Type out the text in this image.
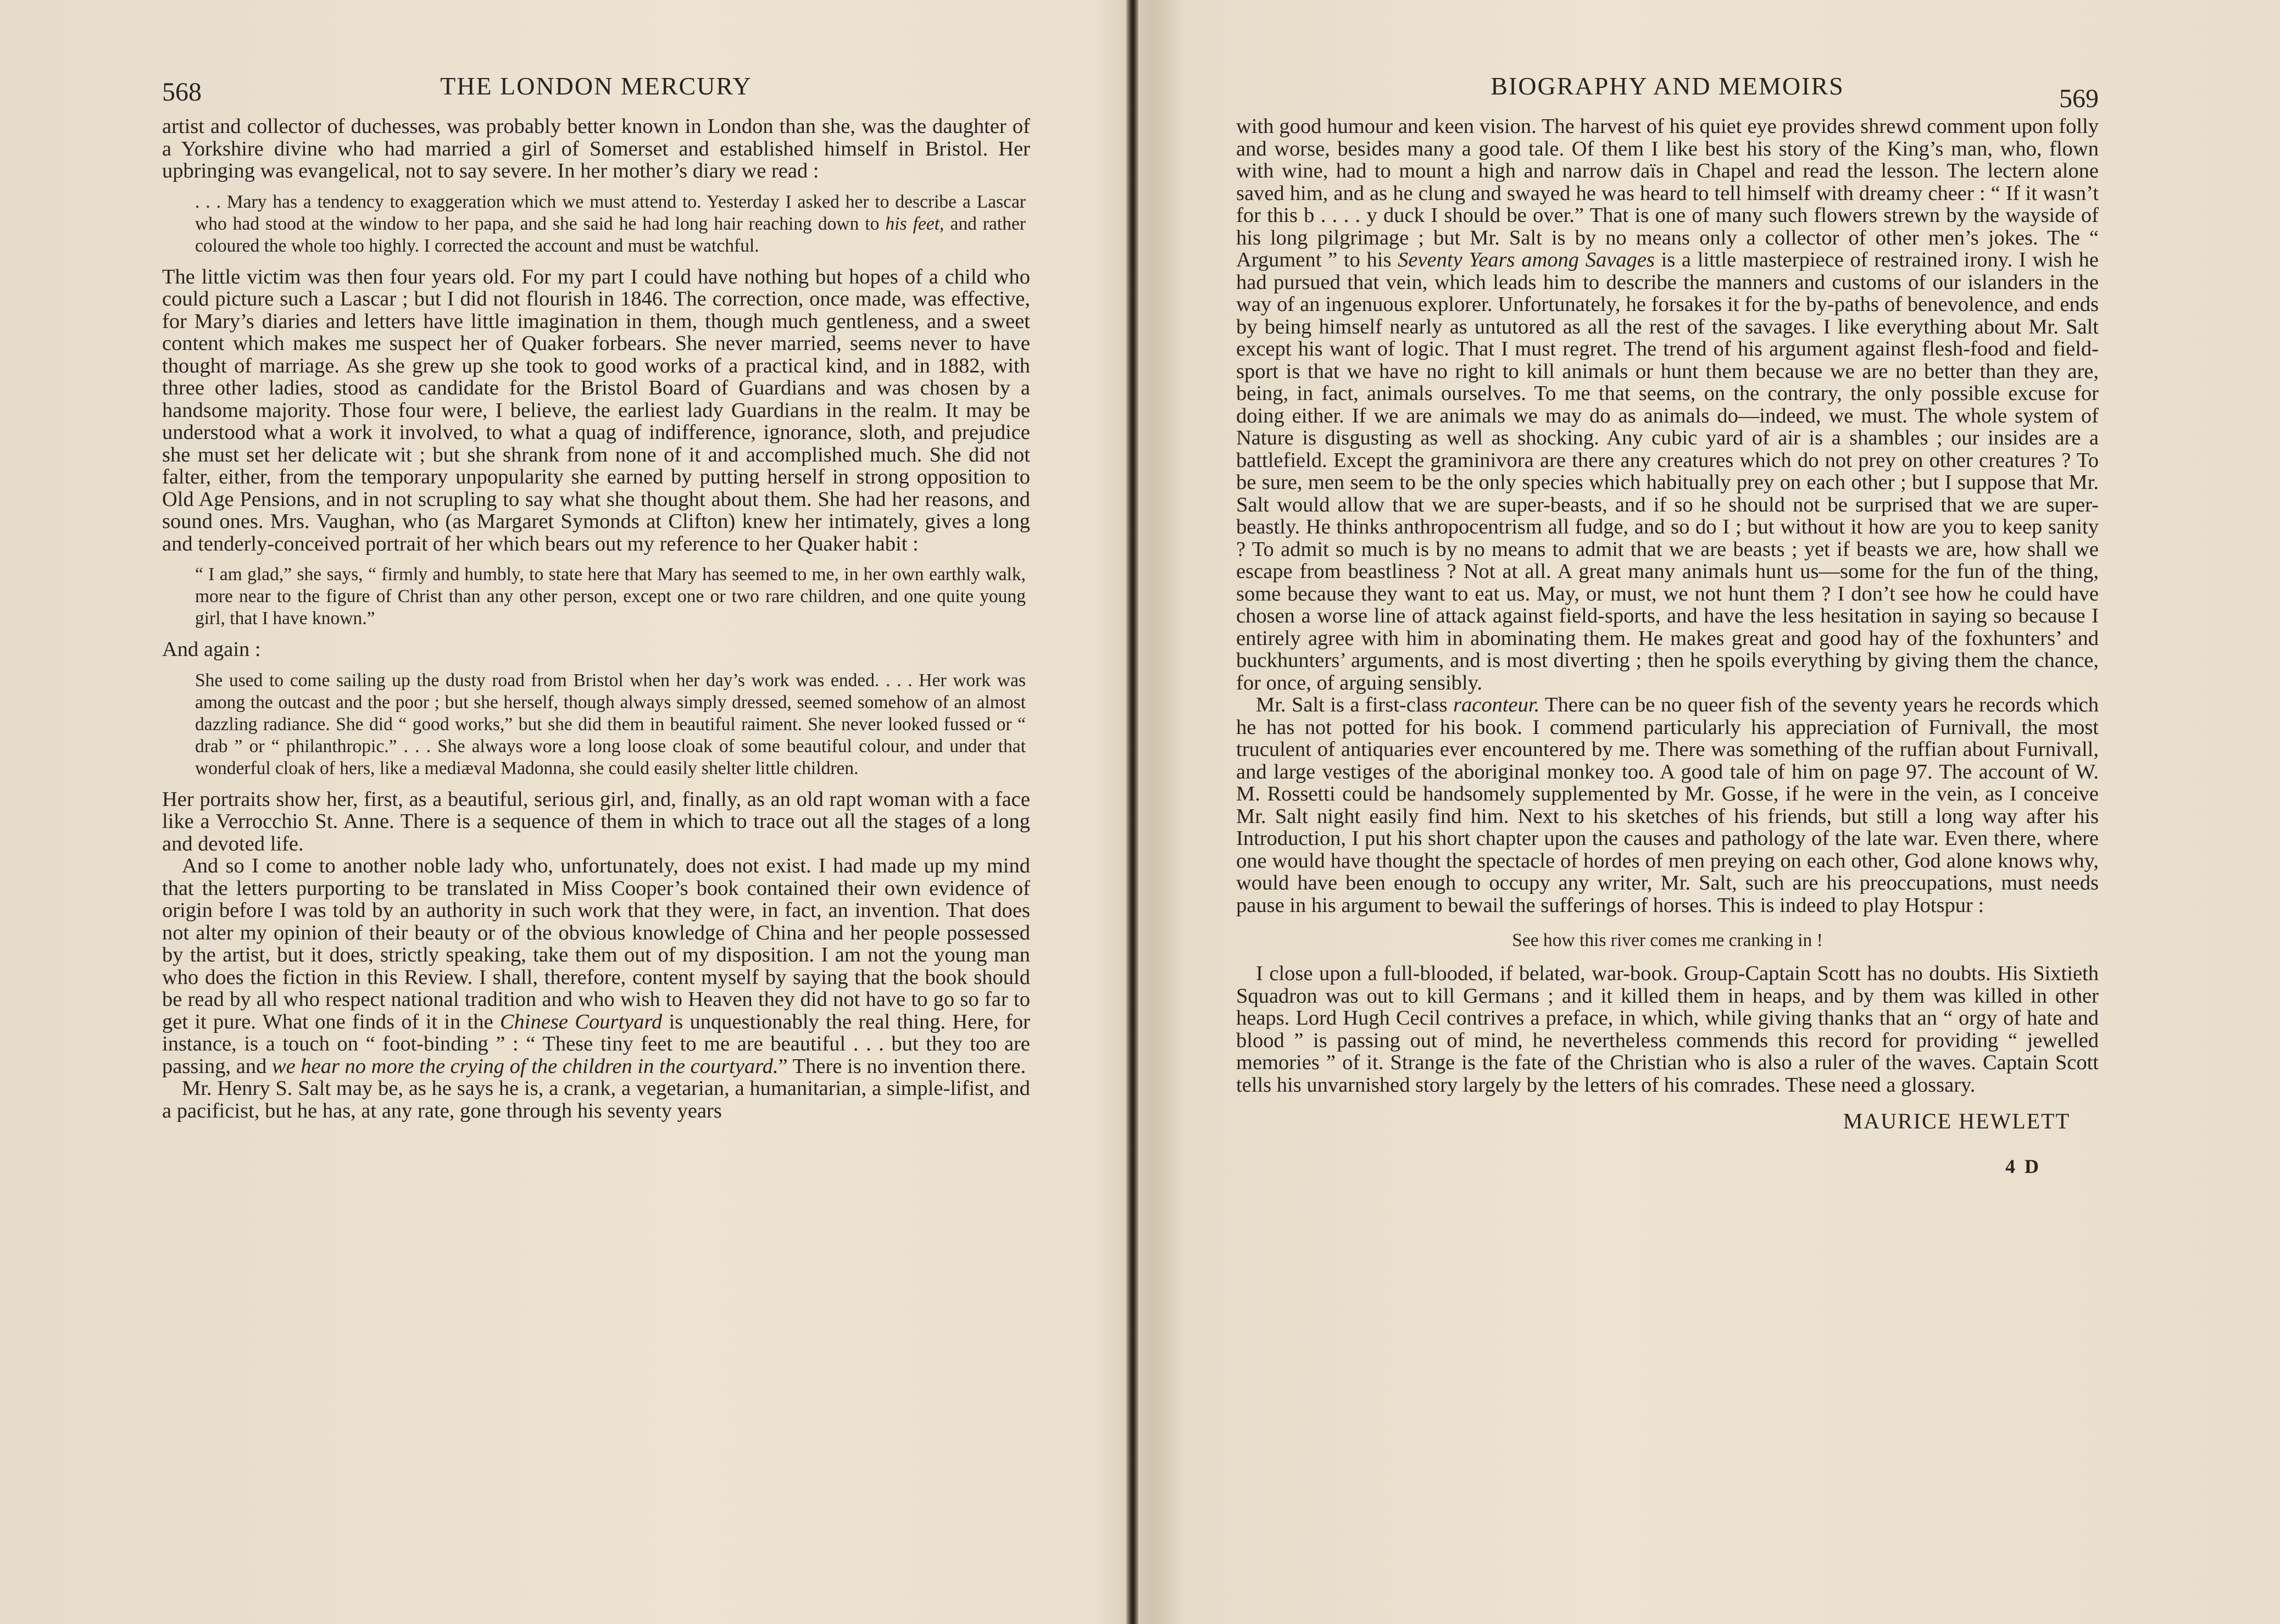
568	THE LONDON MERCURY

artist and collector of duchesses, was probably better known in London than she, was the daughter of a Yorkshire divine who had married a girl of Somerset and established himself in Bristol. Her upbringing was evangelical, not to say severe. In her mother’s diary we read :

. . . Mary has a tendency to exaggeration which we must attend to. Yesterday I asked her to describe a Lascar who had stood at the window to her papa, and she said he had long hair reaching down to his feet, and rather coloured the whole too highly. I corrected the account and must be watchful.

The little victim was then four years old. For my part I could have nothing but hopes of a child who could picture such a Lascar ; but I did not flourish in 1846. The correction, once made, was effective, for Mary’s diaries and letters have little imagination in them, though much gentleness, and a sweet content which makes me suspect her of Quaker forbears. She never married, seems never to have thought of marriage. As she grew up she took to good works of a practical kind, and in 1882, with three other ladies, stood as candidate for the Bristol Board of Guardians and was chosen by a handsome majority. Those four were, I believe, the earliest lady Guardians in the realm. It may be understood what a work it involved, to what a quag of indifference, ignorance, sloth, and prejudice she must set her delicate wit ; but she shrank from none of it and accomplished much. She did not falter, either, from the temporary unpopularity she earned by putting herself in strong opposition to Old Age Pensions, and in not scrupling to say what she thought about them. She had her reasons, and sound ones. Mrs. Vaughan, who (as Margaret Symonds at Clifton) knew her intimately, gives a long and tenderly-conceived portrait of her which bears out my reference to her Quaker habit :

“ I am glad,” she says, “ firmly and humbly, to state here that Mary has seemed to me, in her own earthly walk, more near to the figure of Christ than any other person, except one or two rare children, and one quite young girl, that I have known.”

And again :

She used to come sailing up the dusty road from Bristol when her day’s work was ended. . . . Her work was among the outcast and the poor ; but she herself, though always simply dressed, seemed somehow of an almost dazzling radiance. She did “ good works,” but she did them in beautiful raiment. She never looked fussed or “ drab ” or “ philanthropic.” . . . She always wore a long loose cloak of some beautiful colour, and under that wonderful cloak of hers, like a mediæval Madonna, she could easily shelter little children.

Her portraits show her, first, as a beautiful, serious girl, and, finally, as an old rapt woman with a face like a Verrocchio St. Anne. There is a sequence of them in which to trace out all the stages of a long and devoted life.

And so I come to another noble lady who, unfortunately, does not exist. I had made up my mind that the letters purporting to be translated in Miss Cooper’s book contained their own evidence of origin before I was told by an authority in such work that they were, in fact, an invention. That does not alter my opinion of their beauty or of the obvious knowledge of China and her people possessed by the artist, but it does, strictly speaking, take them out of my disposition. I am not the young man who does the fiction in this Review. I shall, therefore, content myself by saying that the book should be read by all who respect national tradition and who wish to Heaven they did not have to go so far to get it pure. What one finds of it in the Chinese Courtyard is unquestionably the real thing. Here, for instance, is a touch on “ foot-binding ” : “ These tiny feet to me are beautiful . . . but they too are passing, and we hear no more the crying of the children in the courtyard.” There is no invention there.

Mr. Henry S. Salt may be, as he says he is, a crank, a vegetarian, a humanitarian, a simple-lifist, and a pacificist, but he has, at any rate, gone through his seventy years

BIOGRAPHY AND MEMOIRS	569

with good humour and keen vision. The harvest of his quiet eye provides shrewd comment upon folly and worse, besides many a good tale. Of them I like best his story of the King’s man, who, flown with wine, had to mount a high and narrow daïs in Chapel and read the lesson. The lectern alone saved him, and as he clung and swayed he was heard to tell himself with dreamy cheer : “ If it wasn’t for this b . . . . y duck I should be over.” That is one of many such flowers strewn by the wayside of his long pilgrimage ; but Mr. Salt is by no means only a collector of other men’s jokes. The “ Argument ” to his Seventy Years among Savages is a little masterpiece of restrained irony. I wish he had pursued that vein, which leads him to describe the manners and customs of our islanders in the way of an ingenuous explorer. Unfortunately, he forsakes it for the by-paths of benevolence, and ends by being himself nearly as untutored as all the rest of the savages. I like everything about Mr. Salt except his want of logic. That I must regret. The trend of his argument against flesh-food and field-sport is that we have no right to kill animals or hunt them because we are no better than they are, being, in fact, animals ourselves. To me that seems, on the contrary, the only possible excuse for doing either. If we are animals we may do as animals do—indeed, we must. The whole system of Nature is disgusting as well as shocking. Any cubic yard of air is a shambles ; our insides are a battlefield. Except the graminivora are there any creatures which do not prey on other creatures ? To be sure, men seem to be the only species which habitually prey on each other ; but I suppose that Mr. Salt would allow that we are super-beasts, and if so he should not be surprised that we are super-beastly. He thinks anthropocentrism all fudge, and so do I ; but without it how are you to keep sanity ? To admit so much is by no means to admit that we are beasts ; yet if beasts we are, how shall we escape from beastliness ? Not at all. A great many animals hunt us—some for the fun of the thing, some because they want to eat us. May, or must, we not hunt them ? I don’t see how he could have chosen a worse line of attack against field-sports, and have the less hesitation in saying so because I entirely agree with him in abominating them. He makes great and good hay of the foxhunters’ and buckhunters’ arguments, and is most diverting ; then he spoils everything by giving them the chance, for once, of arguing sensibly.

Mr. Salt is a first-class raconteur. There can be no queer fish of the seventy years he records which he has not potted for his book. I commend particularly his appreciation of Furnivall, the most truculent of antiquaries ever encountered by me. There was something of the ruffian about Furnivall, and large vestiges of the aboriginal monkey too. A good tale of him on page 97. The account of W. M. Rossetti could be handsomely supplemented by Mr. Gosse, if he were in the vein, as I conceive Mr. Salt night easily find him. Next to his sketches of his friends, but still a long way after his Introduction, I put his short chapter upon the causes and pathology of the late war. Even there, where one would have thought the spectacle of hordes of men preying on each other, God alone knows why, would have been enough to occupy any writer, Mr. Salt, such are his preoccupations, must needs pause in his argument to bewail the sufferings of horses. This is indeed to play Hotspur :

See how this river comes me cranking in !

I close upon a full-blooded, if belated, war-book. Group-Captain Scott has no doubts. His Sixtieth Squadron was out to kill Germans ; and it killed them in heaps, and by them was killed in other heaps. Lord Hugh Cecil contrives a preface, in which, while giving thanks that an “ orgy of hate and blood ” is passing out of mind, he nevertheless commends this record for providing “ jewelled memories ” of it. Strange is the fate of the Christian who is also a ruler of the waves. Captain Scott tells his unvarnished story largely by the letters of his comrades. These need a glossary.

MAURICE HEWLETT
4 D
